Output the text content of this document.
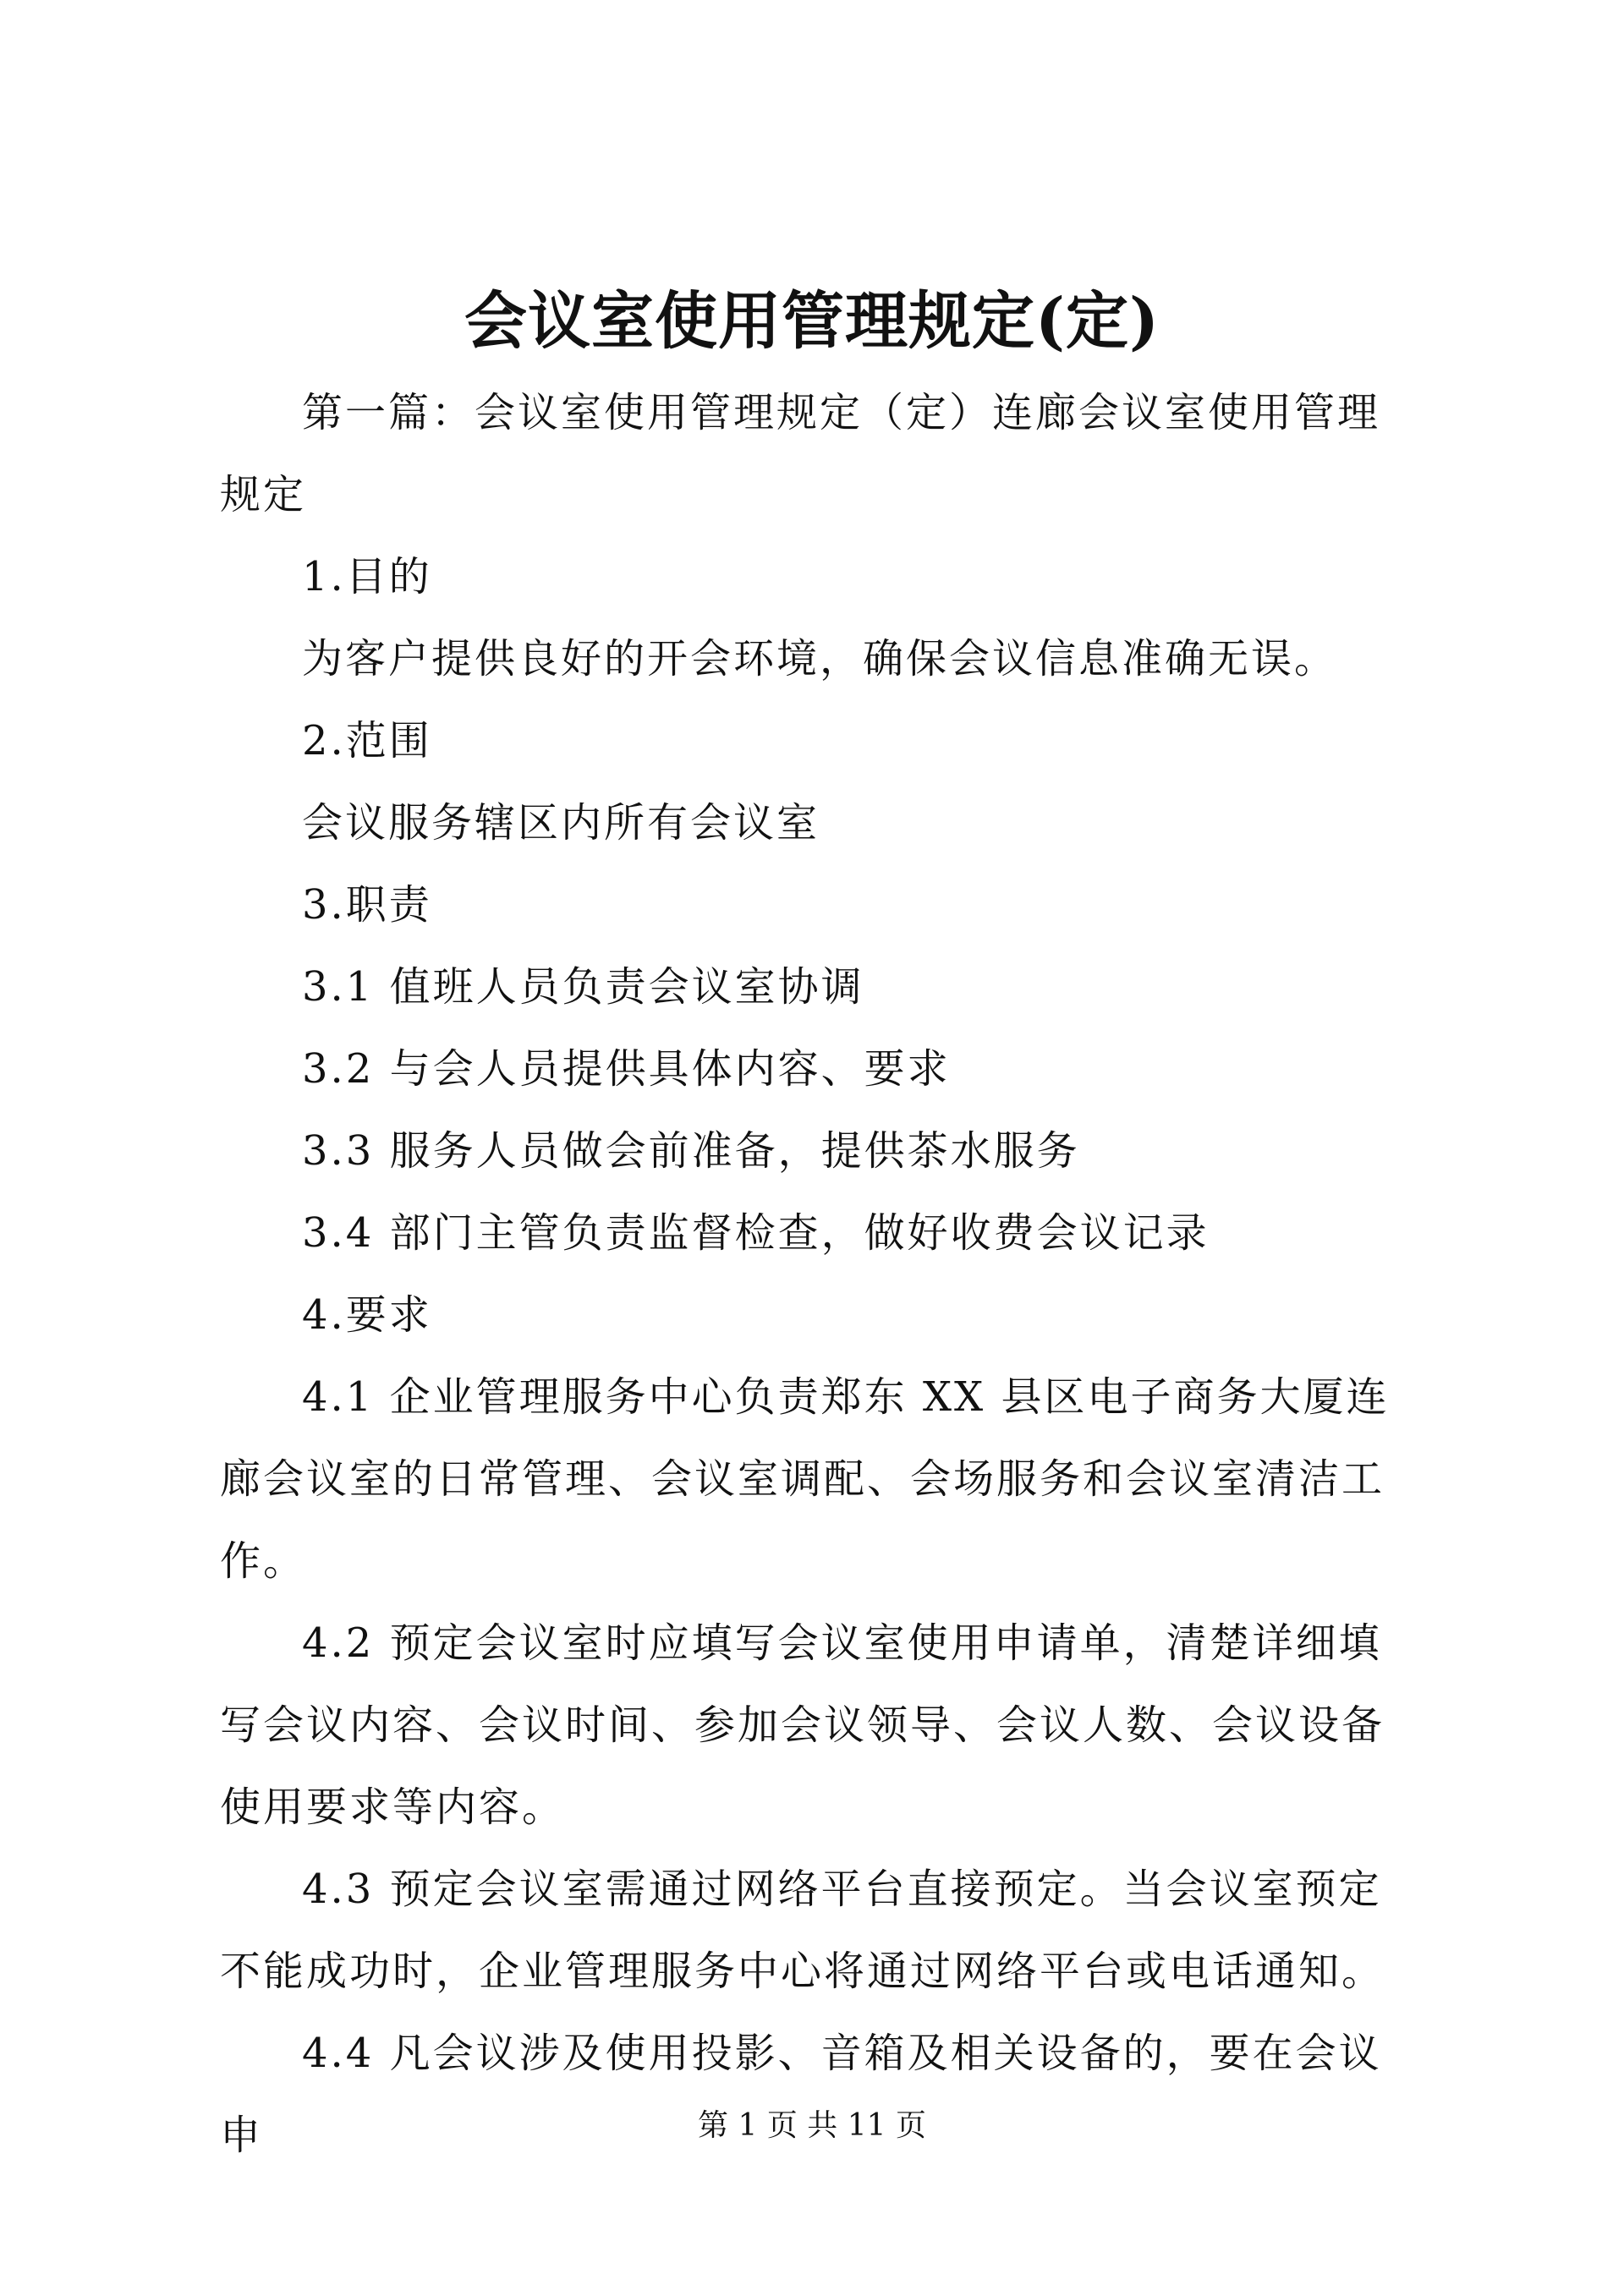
会议室使用管理规定(定)

第一篇：会议室使用管理规定（定）连廊会议室使用管理规定

1.目的

为客户提供良好的开会环境，确保会议信息准确无误。

2.范围

会议服务辖区内所有会议室

3.职责

3.1 值班人员负责会议室协调

3.2 与会人员提供具体内容、要求

3.3 服务人员做会前准备，提供茶水服务

3.4 部门主管负责监督检查，做好收费会议记录

4.要求

4.1 企业管理服务中心负责郑东 XX 县区电子商务大厦连廊会议室的日常管理、会议室调配、会场服务和会议室清洁工作。

4.2 预定会议室时应填写会议室使用申请单，清楚详细填写会议内容、会议时间、参加会议领导、会议人数、会议设备使用要求等内容。

4.3 预定会议室需通过网络平台直接预定。当会议室预定不能成功时，企业管理服务中心将通过网络平台或电话通知。

4.4 凡会议涉及使用投影、音箱及相关设备的，要在会议申	第 1 页 共 11 页
